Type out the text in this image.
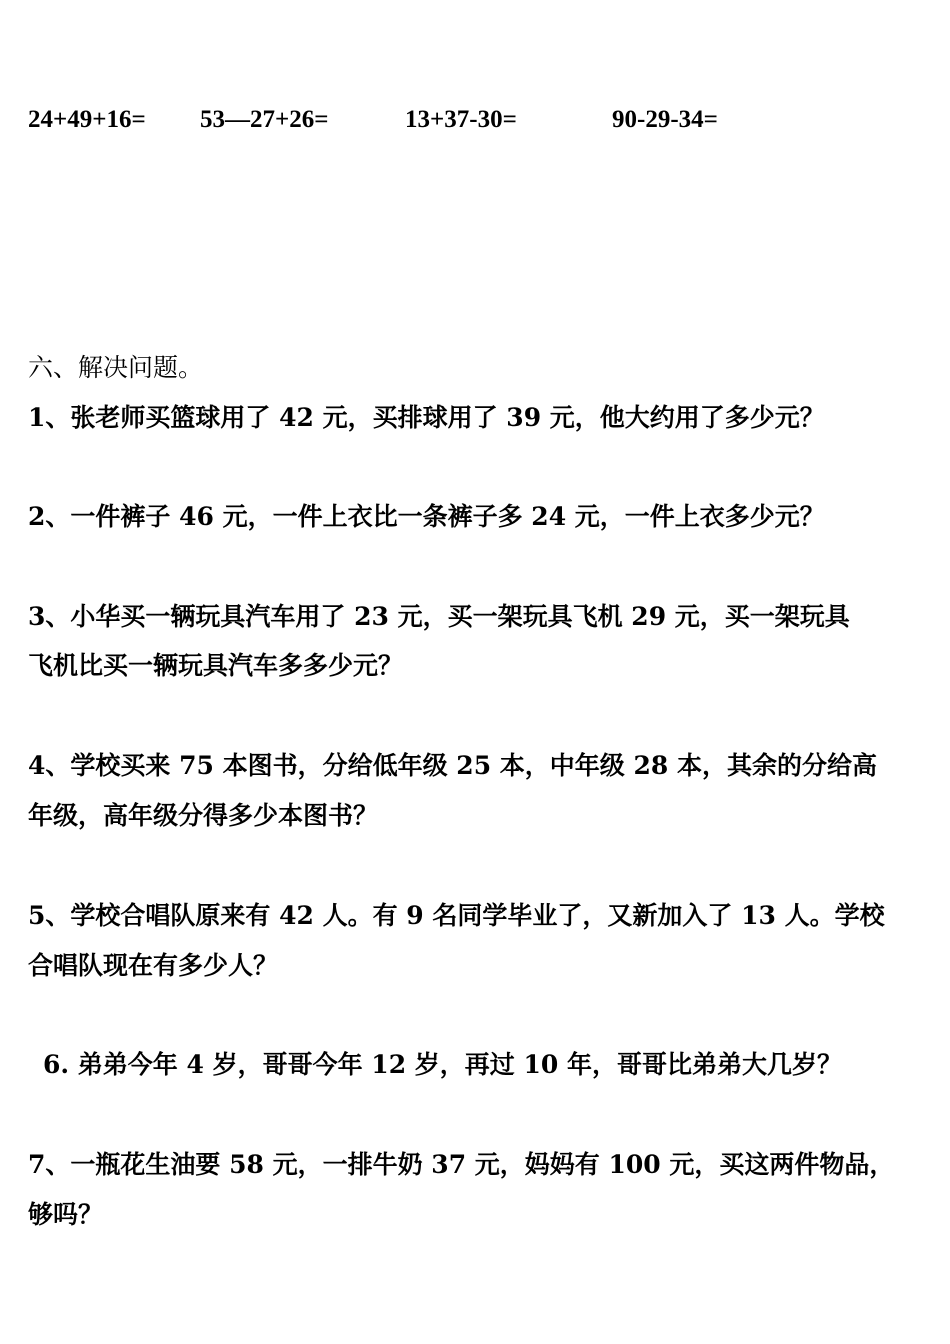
24+49+16= 53—27+26=	13+37-30=	90-29-34=
六、解决问题。
1、张老师买篮球用了 42 元，买排球用了 39 元，他大约用了多少元？
2、一件裤子 46 元，一件上衣比一条裤子多 24 元，一件上衣多少元？
3、小华买一辆玩具汽车用了 23 元，买一架玩具飞机 29 元，买一架玩具
飞机比买一辆玩具汽车多多少元？
4、学校买来 75 本图书，分给低年级 25 本，中年级 28 本，其余的分给高
年级，高年级分得多少本图书？
5、学校合唱队原来有 42 人。有 9 名同学毕业了，又新加入了 13 人。学校
合唱队现在有多少人？
6. 弟弟今年 4 岁，哥哥今年 12 岁，再过 10 年，哥哥比弟弟大几岁？
7、一瓶花生油要 58 元，一排牛奶 37 元，妈妈有 100 元，买这两件物品，
够吗？
